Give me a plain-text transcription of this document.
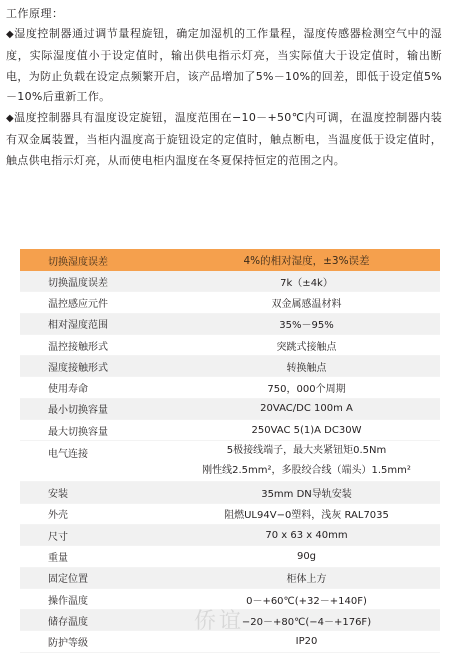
工作原理：

◆湿度控制器通过调节量程旋钮，确定加湿机的工作量程，湿度传感器检测空气中的湿度，实际湿度值小于设定值时，输出供电指示灯亮，当实际值大于设定值时，输出断电，为防止负载在设定点频繁开启，该产品增加了5%－10%的回差，即低于设定值5%－10%后重新工作。

◆温度控制器具有温度设定旋钮，温度范围在−10－+50℃内可调，在温度控制器内装有双金属装置，当柜内温度高于旋钮设定的定值时，触点断电，当温度低于设定值时，触点供电指示灯亮，从而使电柜内温度在冬夏保持恒定的范围之内。

切换湿度误差	4%的相对湿度，±3%误差
切换温度误差	7k（±4k）
温控感应元件	双金属感温材料
相对湿度范围	35%－95%
温控接触形式	突跳式接触点
湿度接触形式	转换触点
使用寿命	750，000个周期
最小切换容量	20VAC/DC 100m A
最大切换容量	250VAC 5(1)A DC30W
电气连接	5极接线端子，最大夹紧钮矩0.5Nm
刚性线2.5mm²，多股绞合线（端头）1.5mm²

安装	35mm DN导轨安装
外壳	阻燃UL94V−0塑料，浅灰 RAL7035
尺寸	70 x 63 x 40mm
重量	90g
固定位置	柜体上方
操作温度	0－+60℃(+32－+140F)
储存温度	−20－+80℃(−4－+176F)
防护等级	IP20
侨谊
